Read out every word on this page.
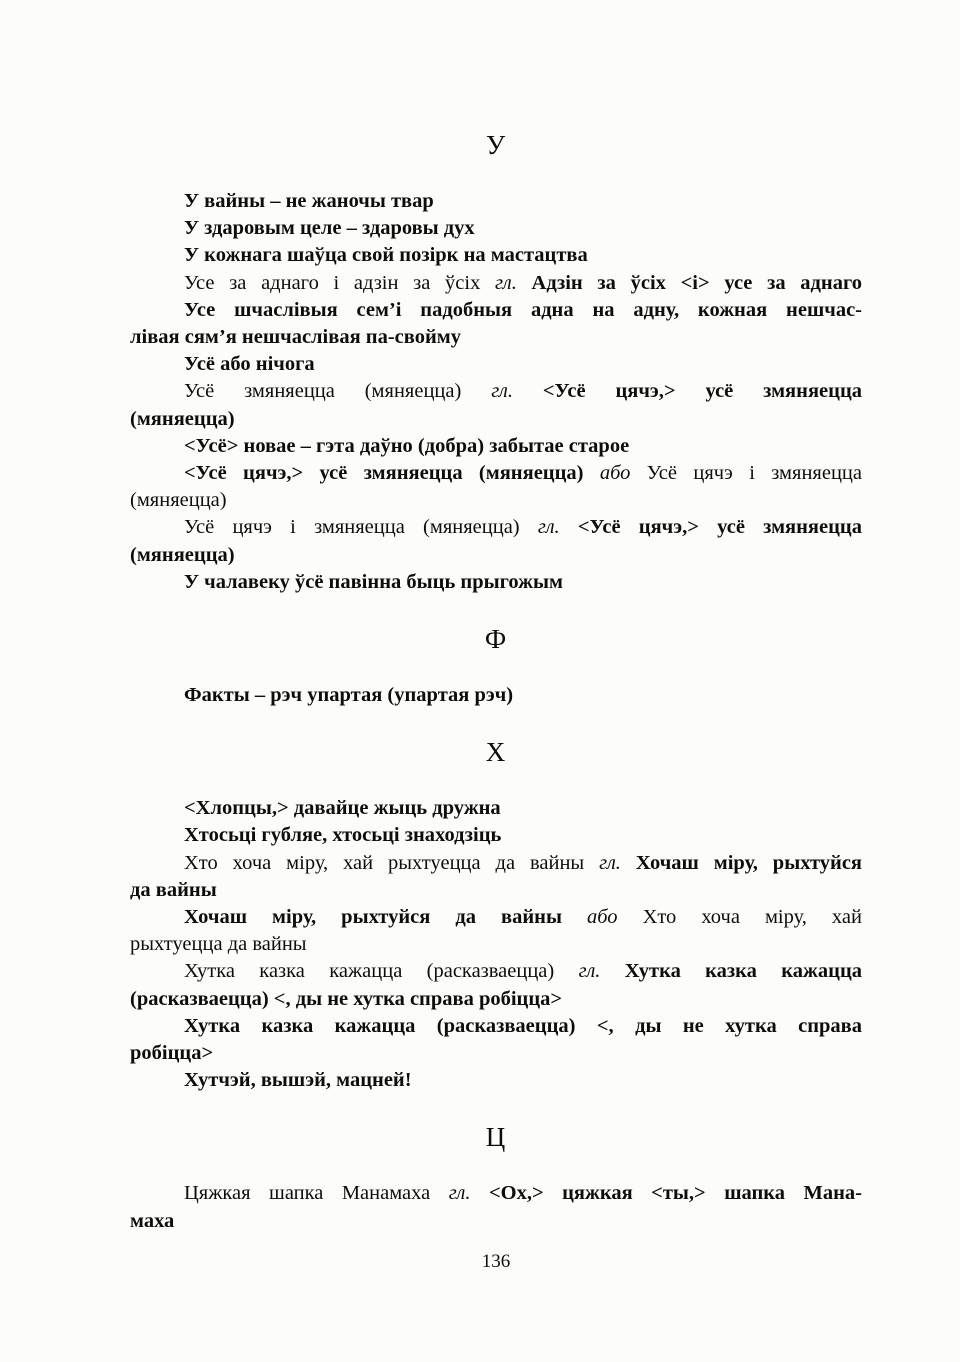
У
У вайны – не жаночы твар
У здаровым целе – здаровы дух
У кожнага шаўца свой позірк на мастацтва
Усе за аднаго і адзін за ўсіх гл. Адзін за ўсіх <і> усе за аднаго
Усе шчаслівыя сем’і падобныя адна на адну, кожная нешчас-
лівая сям’я нешчаслівая па-свойму
Усё або нічога
Усё змяняецца (мяняецца) гл. <Усё цячэ,> усё змяняецца
(мяняецца)
<Усё> новае – гэта даўно (добра) забытае старое
<Усё цячэ,> усё змяняецца (мяняецца) або Усё цячэ і змяняецца
(мяняецца)
Усё цячэ і змяняецца (мяняецца) гл. <Усё цячэ,> усё змяняецца
(мяняецца)
У чалавеку ўсё павінна быць прыгожым
Ф
Факты – рэч упартая (упартая рэч)
Х
<Хлопцы,> давайце жыць дружна
Хтосьці губляе, хтосьці знаходзіць
Хто хоча міру, хай рыхтуецца да вайны гл. Хочаш міру, рыхтуйся
да вайны
Хочаш міру, рыхтуйся да вайны або Хто хоча міру, хай
рыхтуецца да вайны
Хутка казка кажацца (расказваецца) гл. Хутка казка кажацца
(расказваецца) <, ды не хутка справа робіцца>
Хутка казка кажацца (расказваецца) <, ды не хутка справа
робіцца>
Хутчэй, вышэй, мацней!
Ц
Цяжкая шапка Манамаха гл. <Ох,> цяжкая <ты,> шапка Мана-
маха
136
